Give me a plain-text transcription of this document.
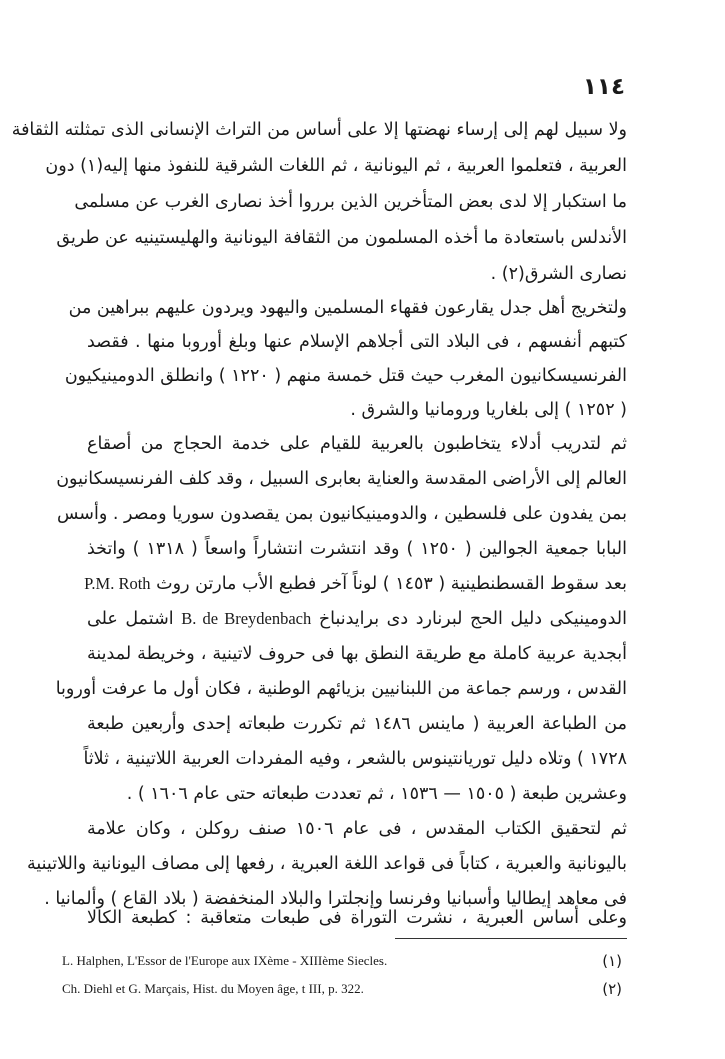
١١٤
ولا سبيل لهم إلى إرساء نهضتها إلا على أساس من التراث الإنسانى الذى تمثلته الثقافة
العربية ، فتعلموا العربية ، ثم اليونانية ، ثم اللغات الشرقية للنفوذ منها إليه(١) دون
ما استكبار إلا لدى بعض المتأخرين الذين برروا أخذ نصارى الغرب عن مسلمى
الأندلس باستعادة ما أخذه المسلمون من الثقافة اليونانية والهليستينيه عن طريق
نصارى الشرق(٢) .
ولتخريج أهل جدل يقارعون فقهاء المسلمين واليهود ويردون عليهم ببراهين من
كتبهم أنفسهم ، فى البلاد التى أجلاهم الإسلام عنها وبلغ أوروبا منها . فقصد
الفرنسيسكانيون المغرب حيث قتل خمسة منهم ( ١٢٢٠ ) وانطلق الدومينيكيون
( ١٢٥٢ ) إلى بلغاريا ورومانيا والشرق .
ثم لتدريب أدلاء يتخاطبون بالعربية للقيام على خدمة الحجاج من أصقاع
العالم إلى الأراضى المقدسة والعناية بعابرى السبيل ، وقد كلف الفرنسيسكانيون
بمن يفدون على فلسطين ، والدومينيكانيون بمن يقصدون سوريا ومصر . وأسس
البابا جمعية الجوالين ( ١٢٥٠ ) وقد انتشرت انتشاراً واسعاً ( ١٣١٨ ) واتخذ
بعد سقوط القسطنطينية ( ١٤٥٣ ) لوناً آخر فطبع الأب مارتن روث P.M. Roth
الدومينيكى دليل الحج لبرنارد دى برايدنباخ B. de Breydenbach اشتمل على
أبجدية عربية كاملة مع طريقة النطق بها فى حروف لاتينية ، وخريطة لمدينة
القدس ، ورسم جماعة من اللبنانيين بزيائهم الوطنية ، فكان أول ما عرفت أوروبا
من الطباعة العربية ( ماينس ١٤٨٦ ثم تكررت طبعاته إحدى وأربعين طبعة
١٧٢٨ ) وتلاه دليل توريانتينوس بالشعر ، وفيه المفردات العربية اللاتينية ، ثلاثاً
وعشرين طبعة ( ١٥٠٥ — ١٥٣٦ ، ثم تعددت طبعاته حتى عام ١٦٠٦ ) .
ثم لتحقيق الكتاب المقدس ، فى عام ١٥٠٦ صنف روكلن ، وكان علامة
باليونانية والعبرية ، كتاباً فى قواعد اللغة العبرية ، رفعها إلى مصاف اليونانية واللاتينية
فى معاهد إيطاليا وأسبانيا وفرنسا وإنجلترا والبلاد المنخفضة ( بلاد القاع ) وألمانيا .
وعلى أساس العبرية ، نشرت التوراة فى طبعات متعاقبة : كطبعة الكالا
L. Halphen, L'Essor de l'Europe aux IXème - XIIIème Siecles.	(١)
Ch. Diehl et G. Marçais, Hist. du Moyen âge, t III, p. 322.	(٢)
